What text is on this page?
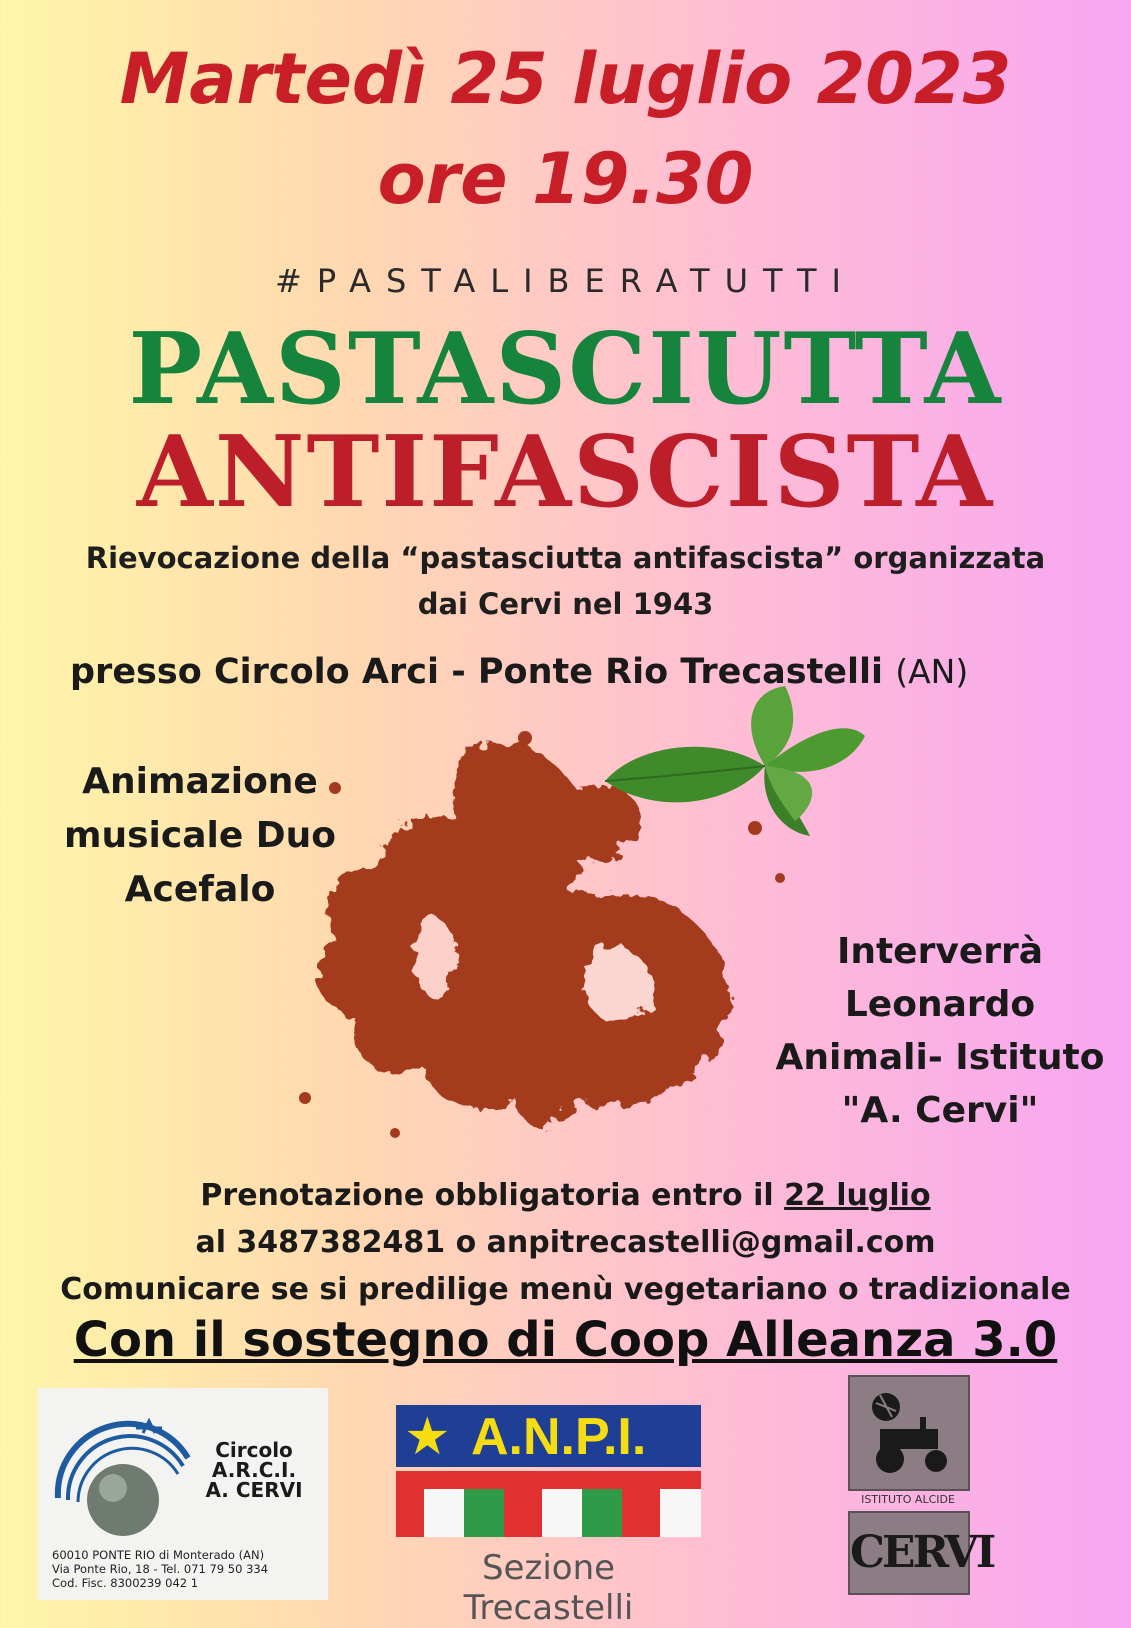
Martedì 25 luglio 2023
ore 19.30
#PASTALIBERATUTTI
PASTASCIUTTA
ANTIFASCISTA
Rievocazione della “pastasciutta antifascista” organizzata
dai Cervi nel 1943
presso Circolo Arci - Ponte Rio Trecastelli (AN)
Animazione
musicale Duo
Acefalo
Interverrà
Leonardo
Animali- Istituto
"A. Cervi"
Prenotazione obbligatoria entro il 22 luglio
al 3487382481 o anpitrecastelli@gmail.com
Comunicare se si predilige menù vegetariano o tradizionale
Con il sostegno di Coop Alleanza 3.0
Circolo
A.R.C.I.
A. CERVI
60010 PONTE RIO di Monterado (AN)
Via Ponte Rio, 18 - Tel. 071 79 50 334
Cod. Fisc. 8300239 042 1
★ A.N.P.I.
Sezione Trecastelli
ISTITUTO ALCIDE
CERVI
